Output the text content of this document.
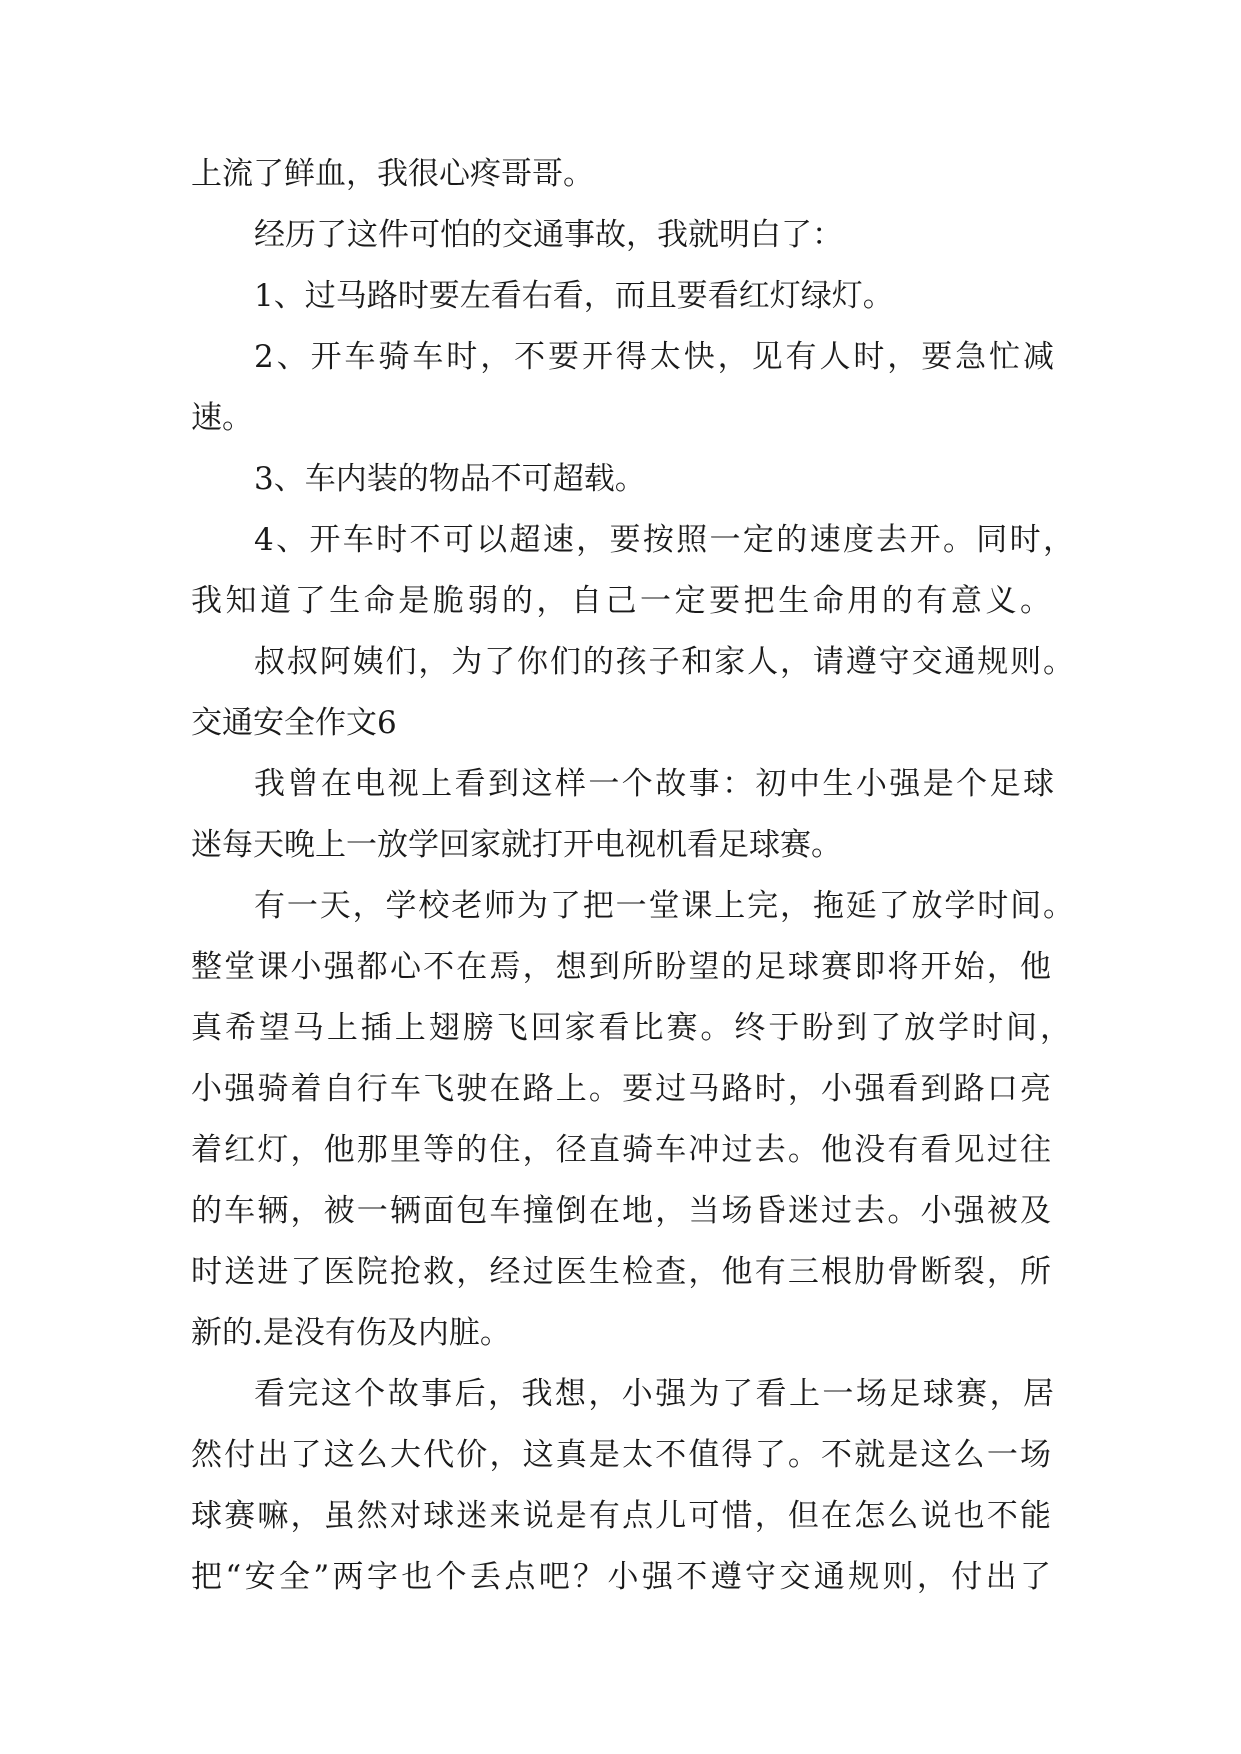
上流了鲜血，我很心疼哥哥。
经历了这件可怕的交通事故，我就明白了：
1、过马路时要左看右看，而且要看红灯绿灯。
2、开车骑车时，不要开得太快，见有人时，要急忙减
速。
3、车内装的物品不可超载。
4、开车时不可以超速，要按照一定的速度去开。同时，
我知道了生命是脆弱的，自己一定要把生命用的有意义。
叔叔阿姨们，为了你们的孩子和家人，请遵守交通规则。
交通安全作文6
我曾在电视上看到这样一个故事：初中生小强是个足球
迷每天晚上一放学回家就打开电视机看足球赛。
有一天，学校老师为了把一堂课上完，拖延了放学时间。
整堂课小强都心不在焉，想到所盼望的足球赛即将开始，他
真希望马上插上翅膀飞回家看比赛。终于盼到了放学时间，
小强骑着自行车飞驶在路上。要过马路时，小强看到路口亮
着红灯，他那里等的住，径直骑车冲过去。他没有看见过往
的车辆，被一辆面包车撞倒在地，当场昏迷过去。小强被及
时送进了医院抢救，经过医生检查，他有三根肋骨断裂，所
新的.是没有伤及内脏。
看完这个故事后，我想，小强为了看上一场足球赛，居
然付出了这么大代价，这真是太不值得了。不就是这么一场
球赛嘛，虽然对球迷来说是有点儿可惜，但在怎么说也不能
把“安全”两字也个丢点吧？小强不遵守交通规则，付出了
